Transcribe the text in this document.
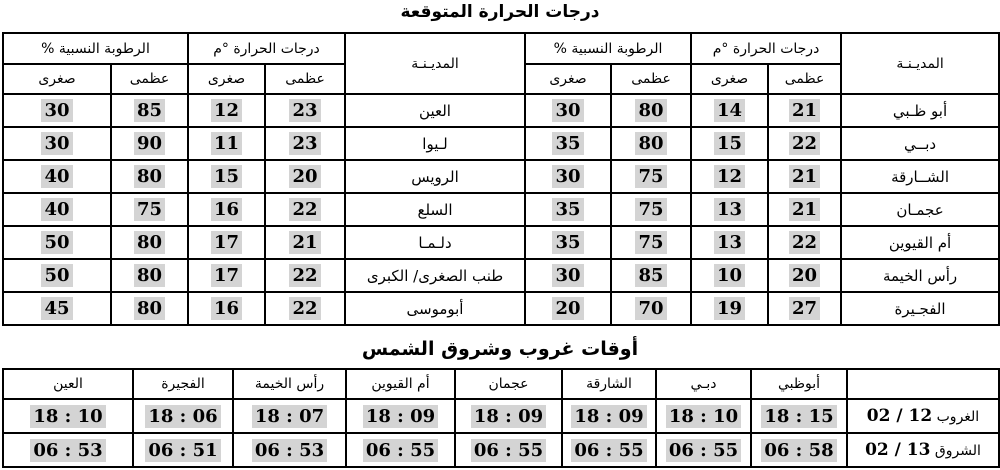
درجات الحرارة المتوقعة
المديـنـة	درجات الحرارة °م		الرطوبة النسبية %		المديـنـة	درجات الحرارة °م		الرطوبة النسبية %	
	عظمى	صغرى	عظمى	صغرى		عظمى	صغرى	عظمى	صغرى
أبو ظـبي	21	14	80	30	العين	23	12	85	30
دبــي	22	15	80	35	لـيوا	23	11	90	30
الشــارقة	21	12	75	30	الرويس	20	15	80	40
عجمـان	21	13	75	35	السلع	22	16	75	40
أم القيوين	22	13	75	35	دلـمـا	21	17	80	50
رأس الخيمة	20	10	85	30	طنب الصغرى/ الكبرى	22	17	80	50
الفجـيرة	27	19	70	20	أبوموسى	22	16	80	45
أوقات غروب وشروق الشمس
	أبوظبي	دبـي	الشارقة	عجمان	أم القيوين	رأس الخيمة	الفجيرة	العين
الغروب 12 / 02	18 : 15	18 : 10	18 : 09	18 : 09	18 : 09	18 : 07	18 : 06	18 : 10
الشروق 13 / 02	06 : 58	06 : 55	06 : 55	06 : 55	06 : 55	06 : 53	06 : 51	06 : 53
